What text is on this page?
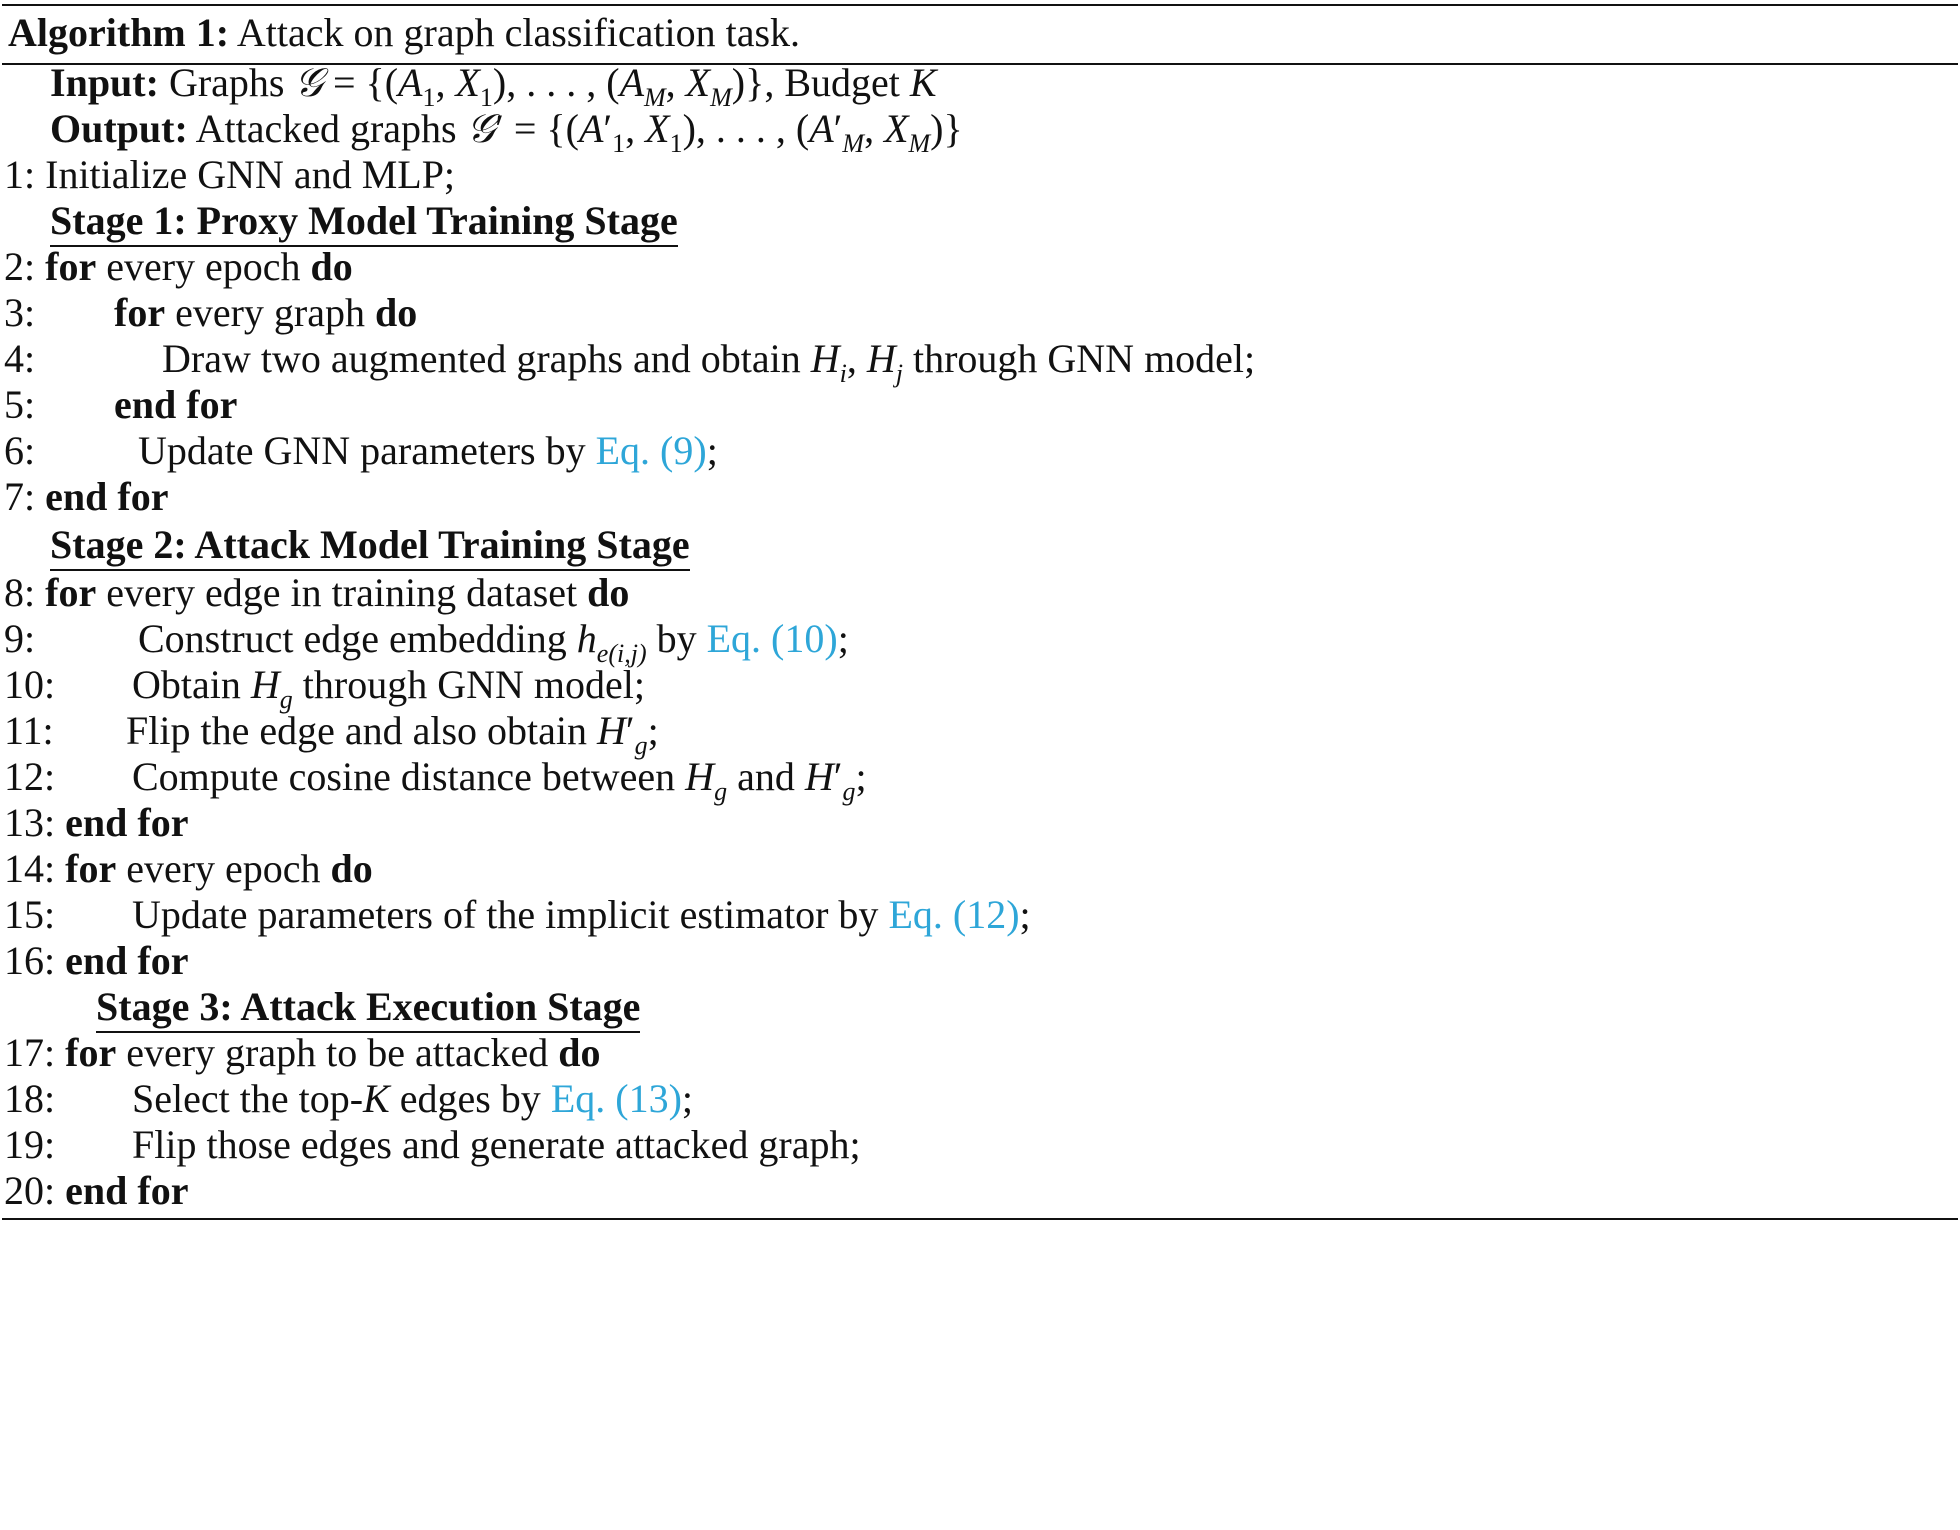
Algorithm 1: Attack on graph classification task.
Input: Graphs 𝒢 = {($A_1$, $X_1$), . . . , ($A_M$, $X_M$)}, Budget K
Output: Attacked graphs 𝒢′ = {($A'_1$, $X_1$), . . . , ($A'_M$, $X_M$)}
1: Initialize GNN and MLP;
Stage 1: Proxy Model Training Stage
2: for every epoch do
3: for every graph do
4:	Draw two augmented graphs and obtain $H_i$, $H_j$ through GNN model;
5: end for
6:	Update GNN parameters by Eq. (9);
7: end for
Stage 2: Attack Model Training Stage
8: for every edge in training dataset do
9:	Construct edge embedding $h_{e(i,j)}$ by Eq. (10);
10: Obtain $H_g$ through GNN model;
11: Flip the edge and also obtain $H'_g$;
12: Compute cosine distance between $H_g$ and $H'_g$;
13: end for
14: for every epoch do
15: Update parameters of the implicit estimator by Eq. (12);
16: end for
Stage 3: Attack Execution Stage
17: for every graph to be attacked do
18: Select the top-K edges by Eq. (13);
19: Flip those edges and generate attacked graph;
20: end for
